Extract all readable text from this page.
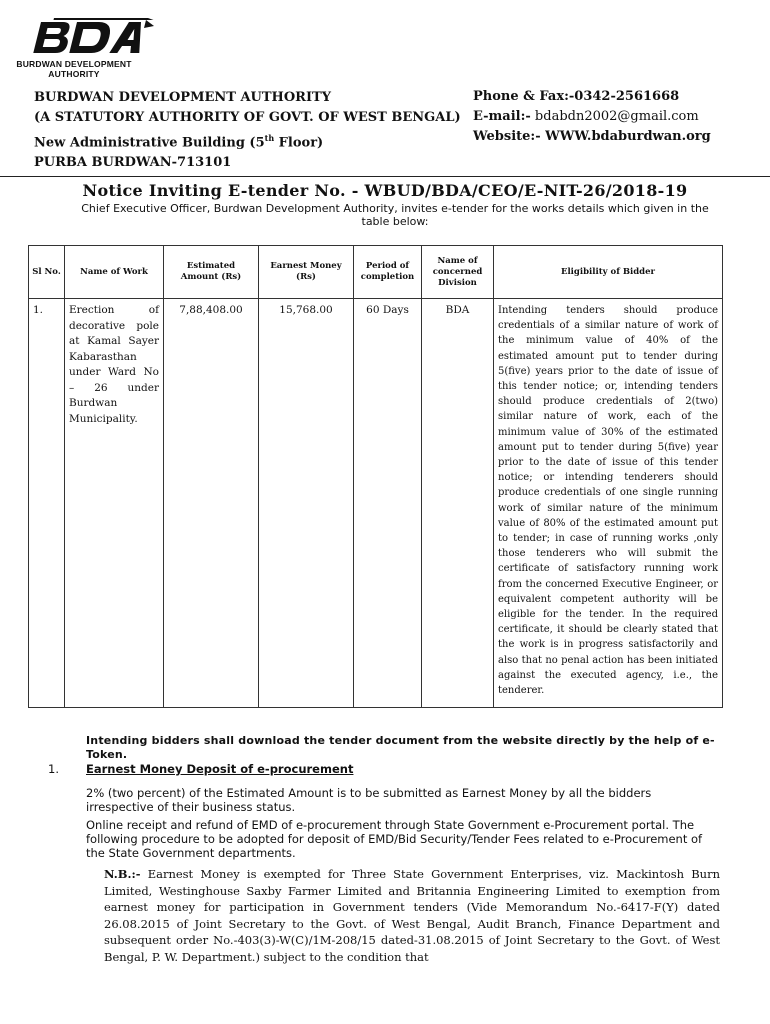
BURDWAN DEVELOPMENT
AUTHORITY
BURDWAN DEVELOPMENT AUTHORITY
(A STATUTORY AUTHORITY OF GOVT. OF WEST BENGAL)
New Administrative Building (5th Floor)
PURBA BURDWAN-713101
Phone & Fax:-0342-2561668
E-mail:- bdabdn2002@gmail.com
Website:- WWW.bdaburdwan.org
Notice Inviting E-tender No. - WBUD/BDA/CEO/E-NIT-26/2018-19
Chief Executive Officer, Burdwan Development Authority, invites e-tender for the works details which given in the table below:
Sl No.	Name of Work	Estimated Amount (Rs)	Earnest Money (Rs)	Period of completion	Name of concerned Division	Eligibility of Bidder
1.	Erection of decorative pole at Kamal Sayer Kabarasthan under Ward No – 26 under Burdwan Municipality.	7,88,408.00	15,768.00	60 Days	BDA	Intending tenders should produce credentials of a similar nature of work of the minimum value of 40% of the estimated amount put to tender during 5(five) years prior to the date of issue of this tender notice; or, intending tenders should produce credentials of 2(two) similar nature of work, each of the minimum value of 30% of the estimated amount put to tender during 5(five) year prior to the date of issue of this tender notice; or intending tenderers should produce credentials of one single running work of similar nature of the minimum value of 80% of the estimated amount put to tender; in case of running works ,only those tenderers who will submit the certificate of satisfactory running work from the concerned Executive Engineer, or equivalent competent authority will be eligible for the tender. In the required certificate, it should be clearly stated that the work is in progress satisfactorily and also that no penal action has been initiated against the executed agency, i.e., the tenderer.
Intending bidders shall download the tender document from the website directly by the help of e-Token.
1. Earnest Money Deposit of e-procurement
2% (two percent) of the Estimated Amount is to be submitted as Earnest Money by all the bidders irrespective of their business status.
Online receipt and refund of EMD of e-procurement through State Government e-Procurement portal. The following procedure to be adopted for deposit of EMD/Bid Security/Tender Fees related to e-Procurement of the State Government departments.
N.B.:- Earnest Money is exempted for Three State Government Enterprises, viz. Mackintosh Burn Limited, Westinghouse Saxby Farmer Limited and Britannia Engineering Limited to exemption from earnest money for participation in Government tenders (Vide Memorandum No.-6417-F(Y) dated 26.08.2015 of Joint Secretary to the Govt. of West Bengal, Audit Branch, Finance Department and subsequent order No.-403(3)-W(C)/1M-208/15 dated-31.08.2015 of Joint Secretary to the Govt. of West Bengal, P. W. Department.) subject to the condition that
